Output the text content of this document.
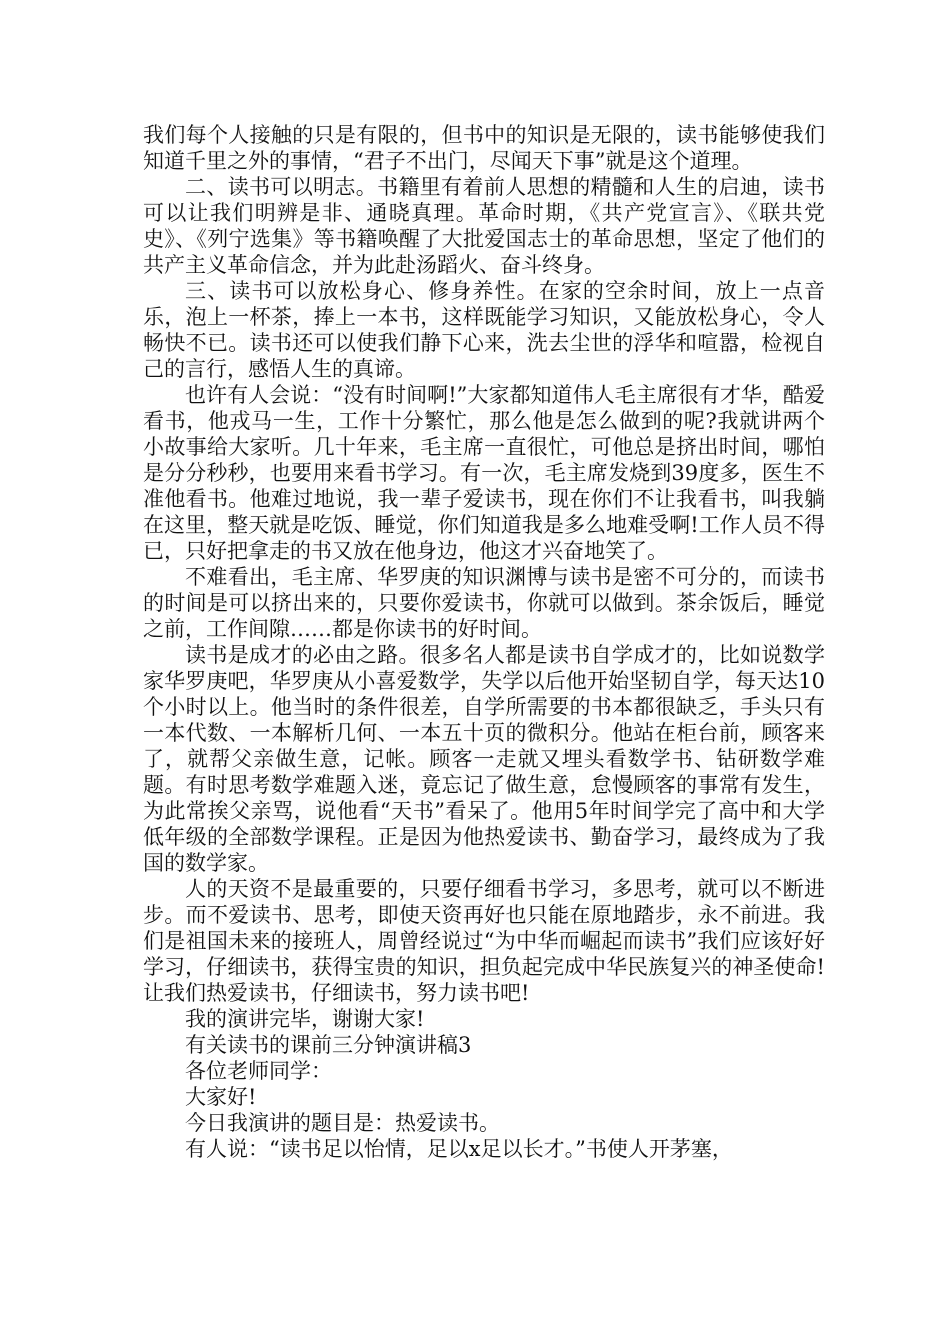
我们每个人接触的只是有限的，但书中的知识是无限的，读书能够使我们知道千里之外的事情，“君子不出门，尽闻天下事”就是这个道理。

二、读书可以明志。书籍里有着前人思想的精髓和人生的启迪，读书可以让我们明辨是非、通晓真理。革命时期，《共产党宣言》、《联共党史》、《列宁选集》等书籍唤醒了大批爱国志士的革命思想，坚定了他们的共产主义革命信念，并为此赴汤蹈火、奋斗终身。

三、读书可以放松身心、修身养性。在家的空余时间，放上一点音乐，泡上一杯茶，捧上一本书，这样既能学习知识，又能放松身心，令人畅快不已。读书还可以使我们静下心来，洗去尘世的浮华和喧嚣，检视自己的言行，感悟人生的真谛。

也许有人会说：“没有时间啊!”大家都知道伟人毛主席很有才华，酷爱看书，他戎马一生，工作十分繁忙，那么他是怎么做到的呢?我就讲两个小故事给大家听。几十年来，毛主席一直很忙，可他总是挤出时间，哪怕是分分秒秒，也要用来看书学习。有一次，毛主席发烧到39度多，医生不准他看书。他难过地说，我一辈子爱读书，现在你们不让我看书，叫我躺在这里，整天就是吃饭、睡觉，你们知道我是多么地难受啊!工作人员不得已，只好把拿走的书又放在他身边，他这才兴奋地笑了。

不难看出，毛主席、华罗庚的知识渊博与读书是密不可分的，而读书的时间是可以挤出来的，只要你爱读书，你就可以做到。茶余饭后，睡觉之前，工作间隙……都是你读书的好时间。

读书是成才的必由之路。很多名人都是读书自学成才的，比如说数学家华罗庚吧，华罗庚从小喜爱数学，失学以后他开始坚韧自学，每天达10个小时以上。他当时的条件很差，自学所需要的书本都很缺乏，手头只有一本代数、一本解析几何、一本五十页的微积分。他站在柜台前，顾客来了，就帮父亲做生意，记帐。顾客一走就又埋头看数学书、钻研数学难题。有时思考数学难题入迷，竟忘记了做生意，怠慢顾客的事常有发生，为此常挨父亲骂，说他看“天书”看呆了。他用5年时间学完了高中和大学低年级的全部数学课程。正是因为他热爱读书、勤奋学习，最终成为了我国的数学家。

人的天资不是最重要的，只要仔细看书学习，多思考，就可以不断进步。而不爱读书、思考，即使天资再好也只能在原地踏步，永不前进。我们是祖国未来的接班人，周曾经说过“为中华而崛起而读书”我们应该好好学习，仔细读书，获得宝贵的知识，担负起完成中华民族复兴的神圣使命!让我们热爱读书，仔细读书，努力读书吧!

我的演讲完毕，谢谢大家!

有关读书的课前三分钟演讲稿3

各位老师同学：

大家好!

今日我演讲的题目是：热爱读书。

有人说：“读书足以怡情，足以x足以长才。”书使人开茅塞，
